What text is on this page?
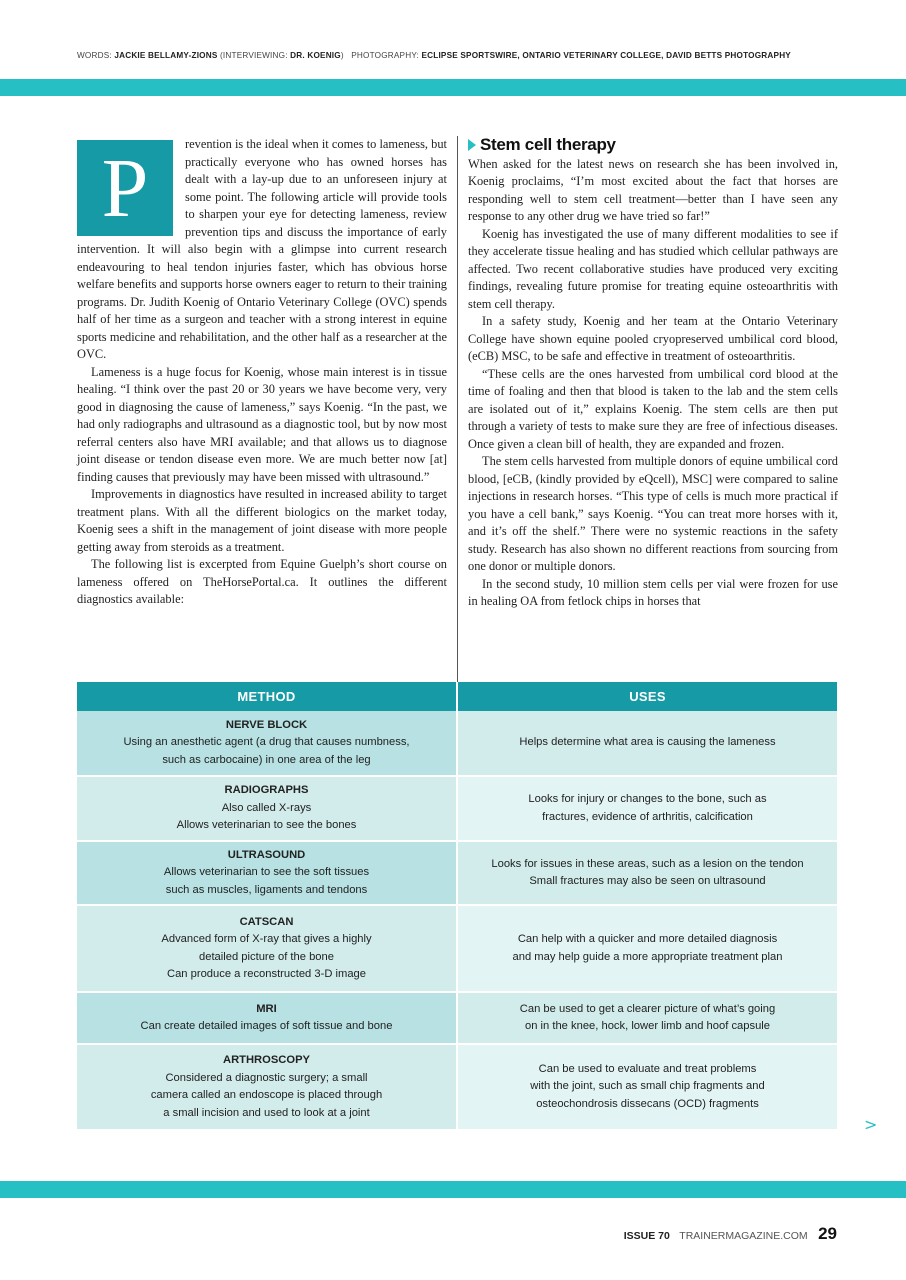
WORDS: JACKIE BELLAMY-ZIONS (INTERVIEWING: DR. KOENIG) PHOTOGRAPHY: ECLIPSE SPORTSWIRE, ONTARIO VETERINARY COLLEGE, DAVID BETTS PHOTOGRAPHY
P	revention is the ideal when it comes to lameness, but practically everyone who has owned horses has dealt with a lay-up due to an unforeseen injury at some point. The following article will provide tools to sharpen your eye for detecting lameness, review prevention tips and discuss the importance of early intervention. It will also begin with a glimpse into current research endeavouring to heal tendon injuries faster, which has obvious horse welfare benefits and supports horse owners eager to return to their training programs. Dr. Judith Koenig of Ontario Veterinary College (OVC) spends half of her time as a surgeon and teacher with a strong interest in equine sports medicine and rehabilitation, and the other half as a researcher at the OVC.

Lameness is a huge focus for Koenig, whose main interest is in tissue healing. “I think over the past 20 or 30 years we have become very, very good in diagnosing the cause of lameness,” says Koenig. “In the past, we had only radiographs and ultrasound as a diagnostic tool, but by now most referral centers also have MRI available; and that allows us to diagnose joint disease or tendon disease even more. We are much better now [at] finding causes that previously may have been missed with ultrasound.”

Improvements in diagnostics have resulted in increased ability to target treatment plans. With all the different biologics on the market today, Koenig sees a shift in the management of joint disease with more people getting away from steroids as a treatment.

The following list is excerpted from Equine Guelph’s short course on lameness offered on TheHorsePortal.ca. It outlines the different diagnostics available:

Stem cell therapy

When asked for the latest news on research she has been involved in, Koenig proclaims, “I’m most excited about the fact that horses are responding well to stem cell treatment—better than I have seen any response to any other drug we have tried so far!”

Koenig has investigated the use of many different modalities to see if they accelerate tissue healing and has studied which cellular pathways are affected. Two recent collaborative studies have produced very exciting findings, revealing future promise for treating equine osteoarthritis with stem cell therapy.

In a safety study, Koenig and her team at the Ontario Veterinary College have shown equine pooled cryopreserved umbilical cord blood, (eCB) MSC, to be safe and effective in treatment of osteoarthritis.

“These cells are the ones harvested from umbilical cord blood at the time of foaling and then that blood is taken to the lab and the stem cells are isolated out of it,” explains Koenig. The stem cells are then put through a variety of tests to make sure they are free of infectious diseases. Once given a clean bill of health, they are expanded and frozen.

The stem cells harvested from multiple donors of equine umbilical cord blood, [eCB, (kindly provided by eQcell), MSC] were compared to saline injections in research horses. “This type of cells is much more practical if you have a cell bank,” says Koenig. “You can treat more horses with it, and it’s off the shelf.” There were no systemic reactions in the safety study. Research has also shown no different reactions from sourcing from one donor or multiple donors.

In the second study, 10 million stem cells per vial were frozen for use in healing OA from fetlock chips in horses that

METHOD	USES

NERVE BLOCK
Using an anesthetic agent (a drug that causes numbness,
such as carbocaine) in one area of the leg	Helps determine what area is causing the lameness

RADIOGRAPHS
Also called X-rays
Allows veterinarian to see the bones	Looks for injury or changes to the bone, such as
fractures, evidence of arthritis, calcification

ULTRASOUND
Allows veterinarian to see the soft tissues
such as muscles, ligaments and tendons	Looks for issues in these areas, such as a lesion on the tendon
Small fractures may also be seen on ultrasound

CATSCAN
Advanced form of X-ray that gives a highly
detailed picture of the bone
Can produce a reconstructed 3-D image	Can help with a quicker and more detailed diagnosis
and may help guide a more appropriate treatment plan

MRI
Can create detailed images of soft tissue and bone	Can be used to get a clearer picture of what’s going
on in the knee, hock, lower limb and hoof capsule

ARTHROSCOPY
Considered a diagnostic surgery; a small
camera called an endoscope is placed through
a small incision and used to look at a joint	Can be used to evaluate and treat problems
with the joint, such as small chip fragments and
osteochondrosis dissecans (OCD) fragments
>
ISSUE 70 TRAINERMAGAZINE.COM 29
